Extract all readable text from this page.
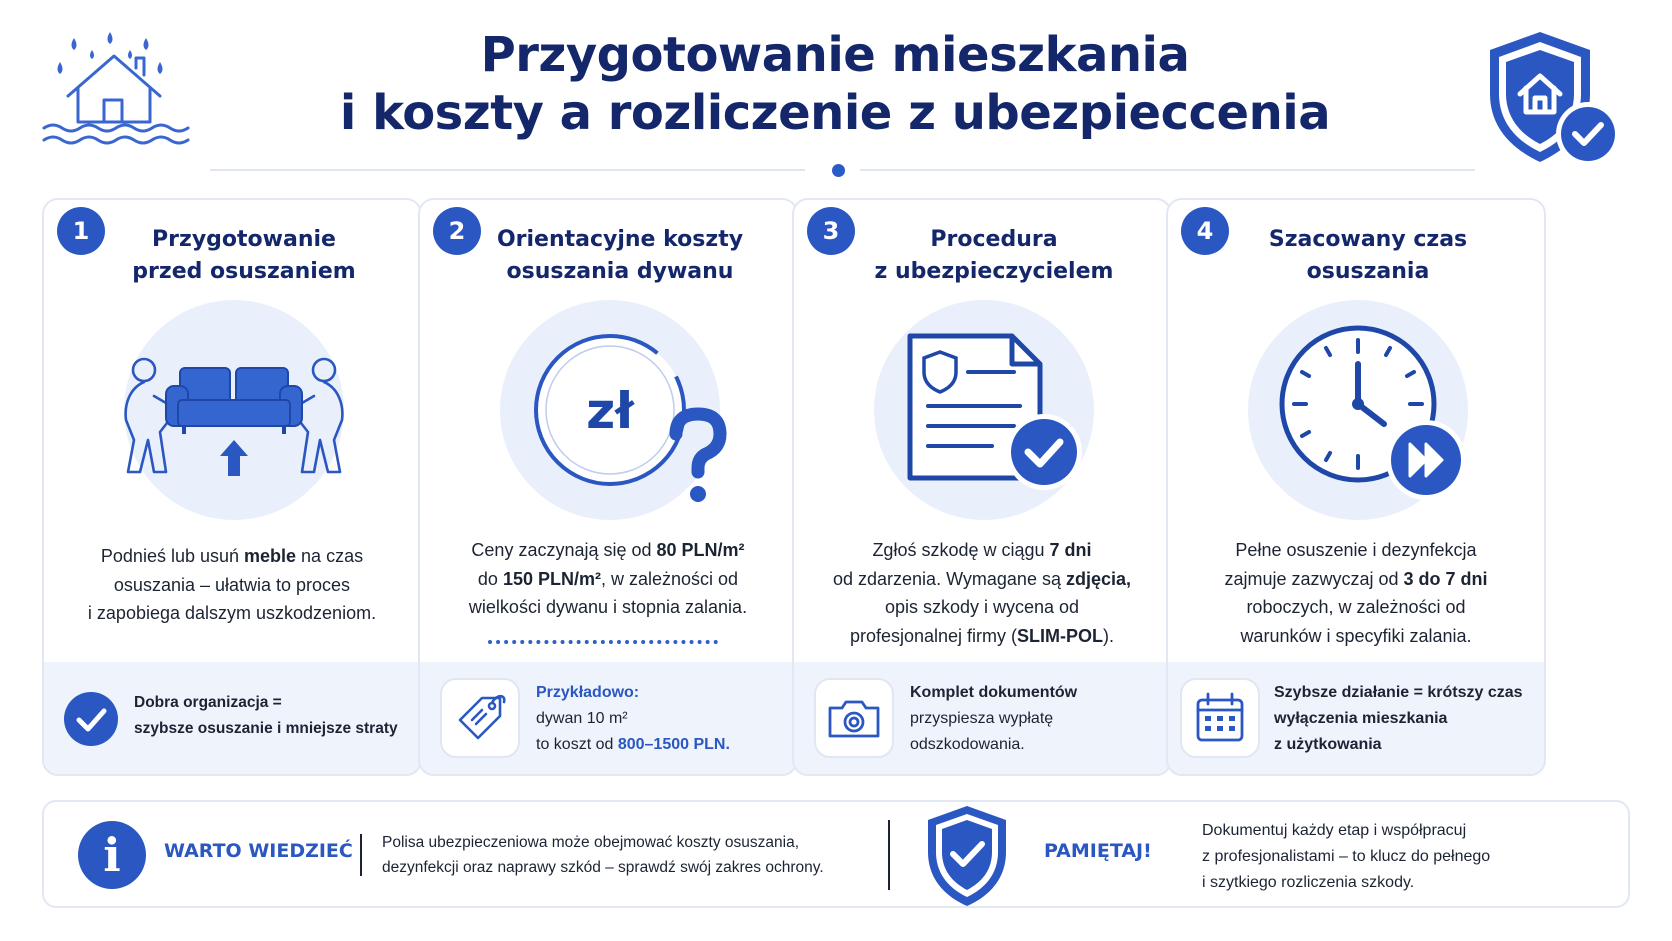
Przygotowanie mieszkania
i koszty a rozliczenie z ubezpieccenia
1	Przygotowanie
przed osuszaniem
Podnieś lub usuń meble na czas
osuszania – ułatwia to proces
i zapobiega dalszym uszkodzeniom.
Dobra organizacja =
szybsze osuszanie i mniejsze straty
2	Orientacyjne koszty
osuszania dywanu
zł
Ceny zaczynają się od 80 PLN/m²
do 150 PLN/m², w zależności od
wielkości dywanu i stopnia zalania.
Przykładowo:
dywan 10 m²
to koszt od 800–1500 PLN.
3	Procedura
z ubezpieczycielem
Zgłoś szkodę w ciągu 7 dni
od zdarzenia. Wymagane są zdjęcia,
opis szkody i wycena od
profesjonalnej firmy (SLIM-POL).
Komplet dokumentów
przyspiesza wypłatę
odszkodowania.
4	Szacowany czas
osuszania
Pełne osuszenie i dezynfekcja
zajmuje zazwyczaj od 3 do 7 dni
roboczych, w zależności od
warunków i specyfiki zalania.
Szybsze działanie = krótszy czas
wyłączenia mieszkania
z użytkowania
i	WARTO WIEDZIEĆ Polisa ubezpieczeniowa może obejmować koszty osuszania,
dezynfekcji oraz naprawy szkód – sprawdź swój zakres ochrony.
PAMIĘTAJ!
Dokumentuj każdy etap i współpracuj
z profesjonalistami – to klucz do pełnego
i szytkiego rozliczenia szkody.
